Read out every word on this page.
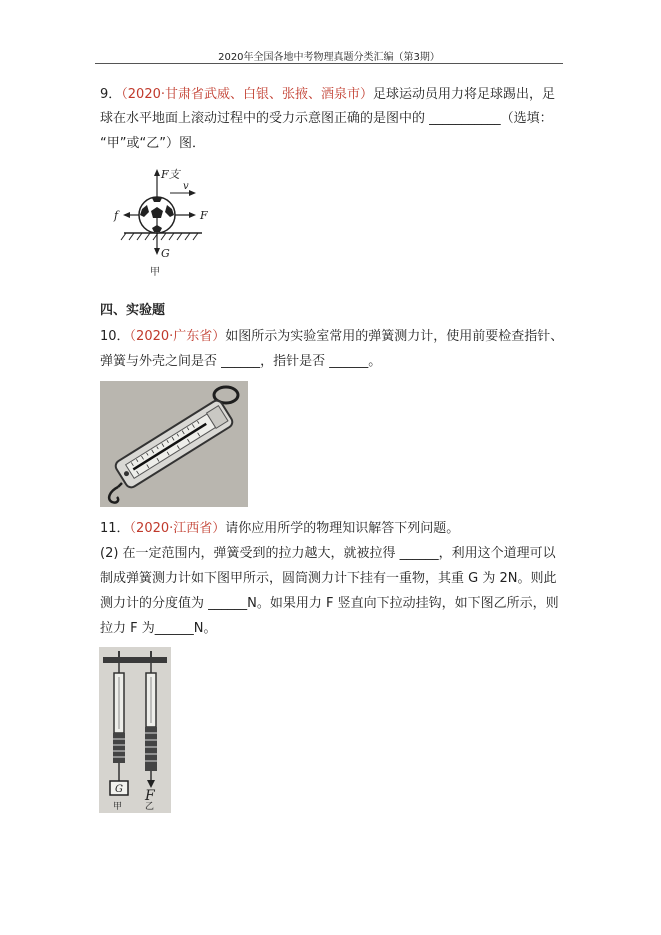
2020年全国各地中考物理真题分类汇编（第3期）
9．（2020·甘肃省武威、白银、张掖、酒泉市）足球运动员用力将足球踢出，足
球在水平地面上滚动过程中的受力示意图正确的是图中的 ___________（选填：
“甲”或“乙”）图．
F支
v
F
f
G
甲
四、实验题
10．（2020·广东省）如图所示为实验室常用的弹簧测力计，使用前要检查指针、
弹簧与外壳之间是否 ______，指针是否 ______。
11．（2020·江西省）请你应用所学的物理知识解答下列问题。
(2) 在一定范围内，弹簧受到的拉力越大，就被拉得 ______，利用这个道理可以
制成弹簧测力计如下图甲所示，圆筒测力计下挂有一重物，其重 G 为 2N。则此
测力计的分度值为 ______N。如果用力 F 竖直向下拉动挂钩，如下图乙所示，则
拉力 F 为______N。
G F
甲	乙
